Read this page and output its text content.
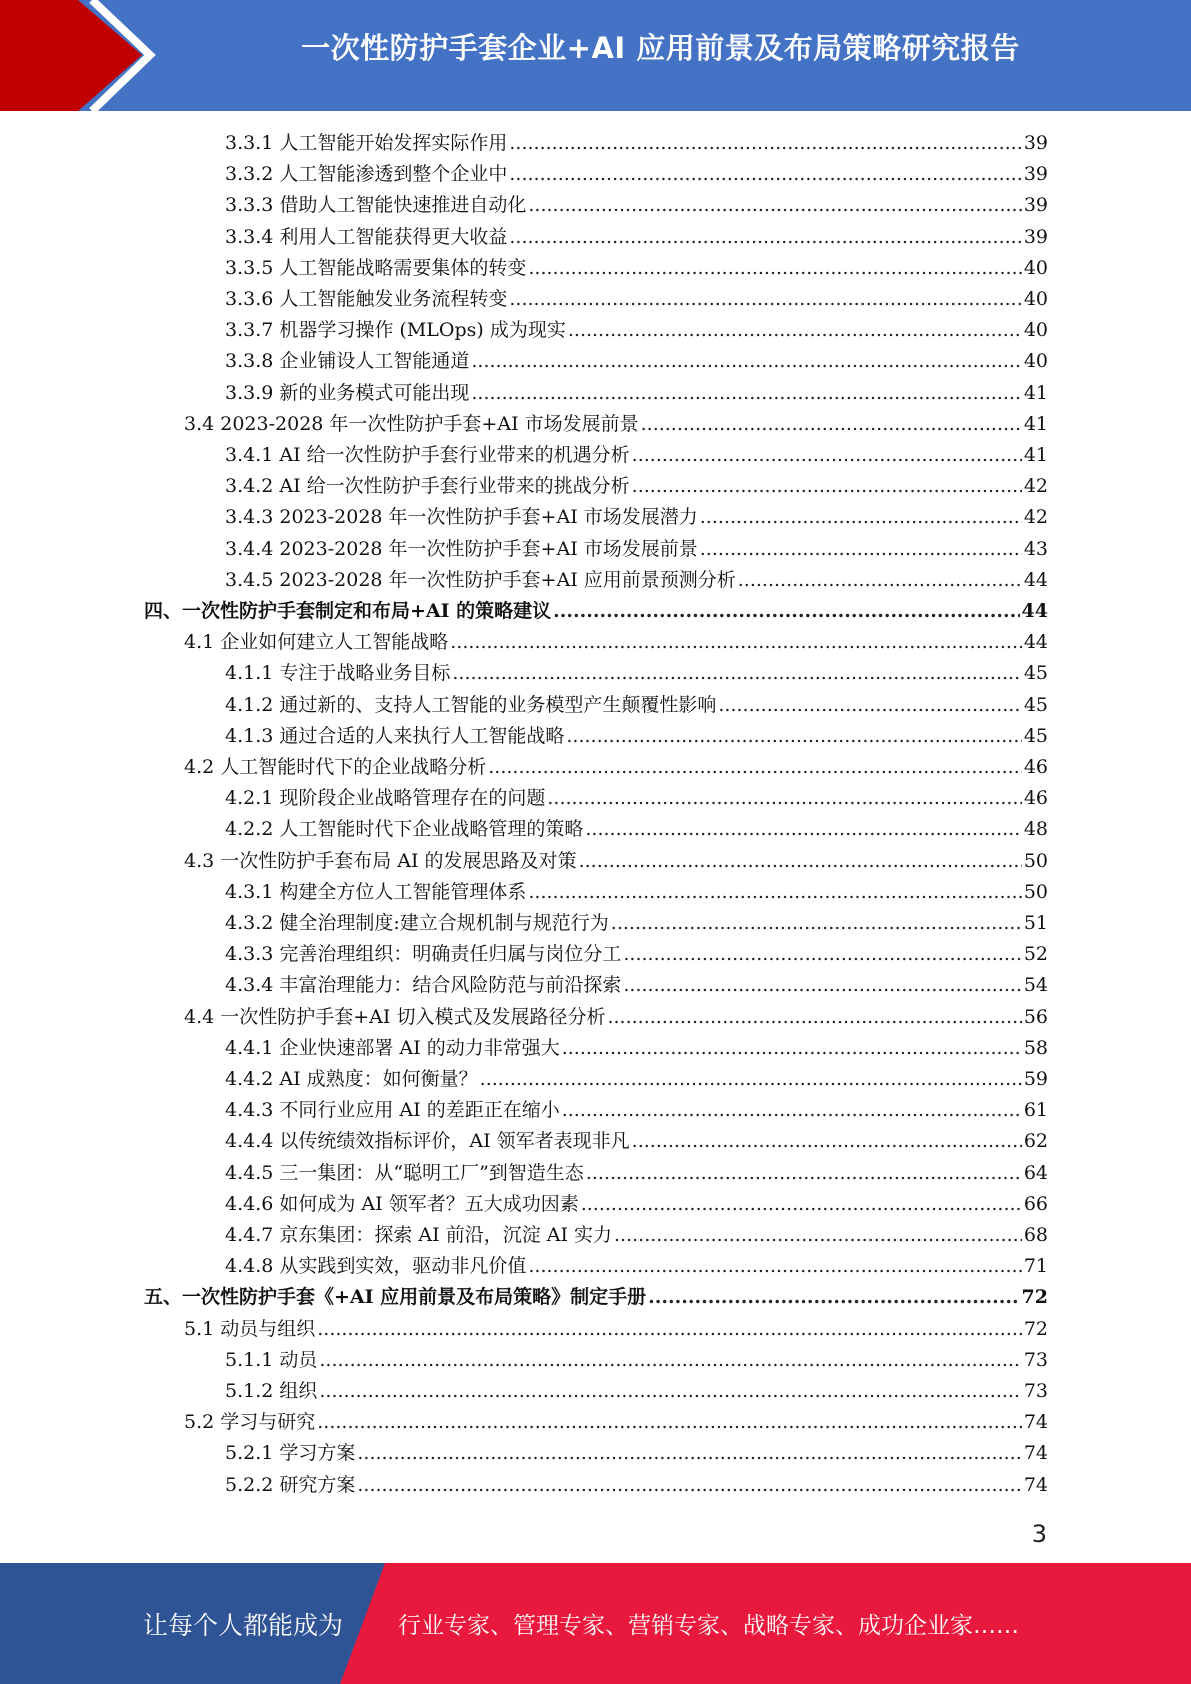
一次性防护手套企业+AI 应用前景及布局策略研究报告
3.3.1 人工智能开始发挥实际作用 .....	39
3.3.2 人工智能渗透到整个企业中 .....	39
3.3.3 借助人工智能快速推进自动化 .....	39
3.3.4 利用人工智能获得更大收益 .....	39
3.3.5 人工智能战略需要集体的转变 .....	40
3.3.6 人工智能触发业务流程转变 .....	40
3.3.7 机器学习操作 (MLOps) 成为现实 .....	40
3.3.8 企业铺设人工智能通道 .....	40
3.3.9 新的业务模式可能出现 .....	41
3.4 2023-2028 年一次性防护手套+AI 市场发展前景 .....	41
3.4.1 AI 给一次性防护手套行业带来的机遇分析 .....	41
3.4.2 AI 给一次性防护手套行业带来的挑战分析 .....	42
3.4.3 2023-2028 年一次性防护手套+AI 市场发展潜力 .....	42
3.4.4 2023-2028 年一次性防护手套+AI 市场发展前景 .....	43
3.4.5 2023-2028 年一次性防护手套+AI 应用前景预测分析 .....	44
四、一次性防护手套制定和布局+AI 的策略建议 .....	44
4.1 企业如何建立人工智能战略 .....	44
4.1.1 专注于战略业务目标 .....	45
4.1.2 通过新的、支持人工智能的业务模型产生颠覆性影响 .....	45
4.1.3 通过合适的人来执行人工智能战略 .....	45
4.2 人工智能时代下的企业战略分析 .....	46
4.2.1 现阶段企业战略管理存在的问题 .....	46
4.2.2 人工智能时代下企业战略管理的策略 .....	48
4.3 一次性防护手套布局 AI 的发展思路及对策 .....	50
4.3.1 构建全方位人工智能管理体系 .....	50
4.3.2 健全治理制度:建立合规机制与规范行为 .....	51
4.3.3 完善治理组织：明确责任归属与岗位分工 .....	52
4.3.4 丰富治理能力：结合风险防范与前沿探索 .....	54
4.4 一次性防护手套+AI 切入模式及发展路径分析 .....	56
4.4.1 企业快速部署 AI 的动力非常强大 .....	58
4.4.2 AI 成熟度：如何衡量？ .....	59
4.4.3 不同行业应用 AI 的差距正在缩小 .....	61
4.4.4 以传统绩效指标评价，AI 领军者表现非凡 .....	62
4.4.5 三一集团：从“聪明工厂”到智造生态 .....	64
4.4.6 如何成为 AI 领军者？五大成功因素 .....	66
4.4.7 京东集团：探索 AI 前沿，沉淀 AI 实力 .....	68
4.4.8 从实践到实效，驱动非凡价值 .....	71
五、一次性防护手套《+AI 应用前景及布局策略》制定手册 .....	72
5.1 动员与组织 .....	72
5.1.1 动员 .....	73
5.1.2 组织 .....	73
5.2 学习与研究 .....	74
5.2.1 学习方案 .....	74
5.2.2 研究方案 .....	74
3
让每个人都能成为 行业专家、管理专家、营销专家、战略专家、成功企业家……
